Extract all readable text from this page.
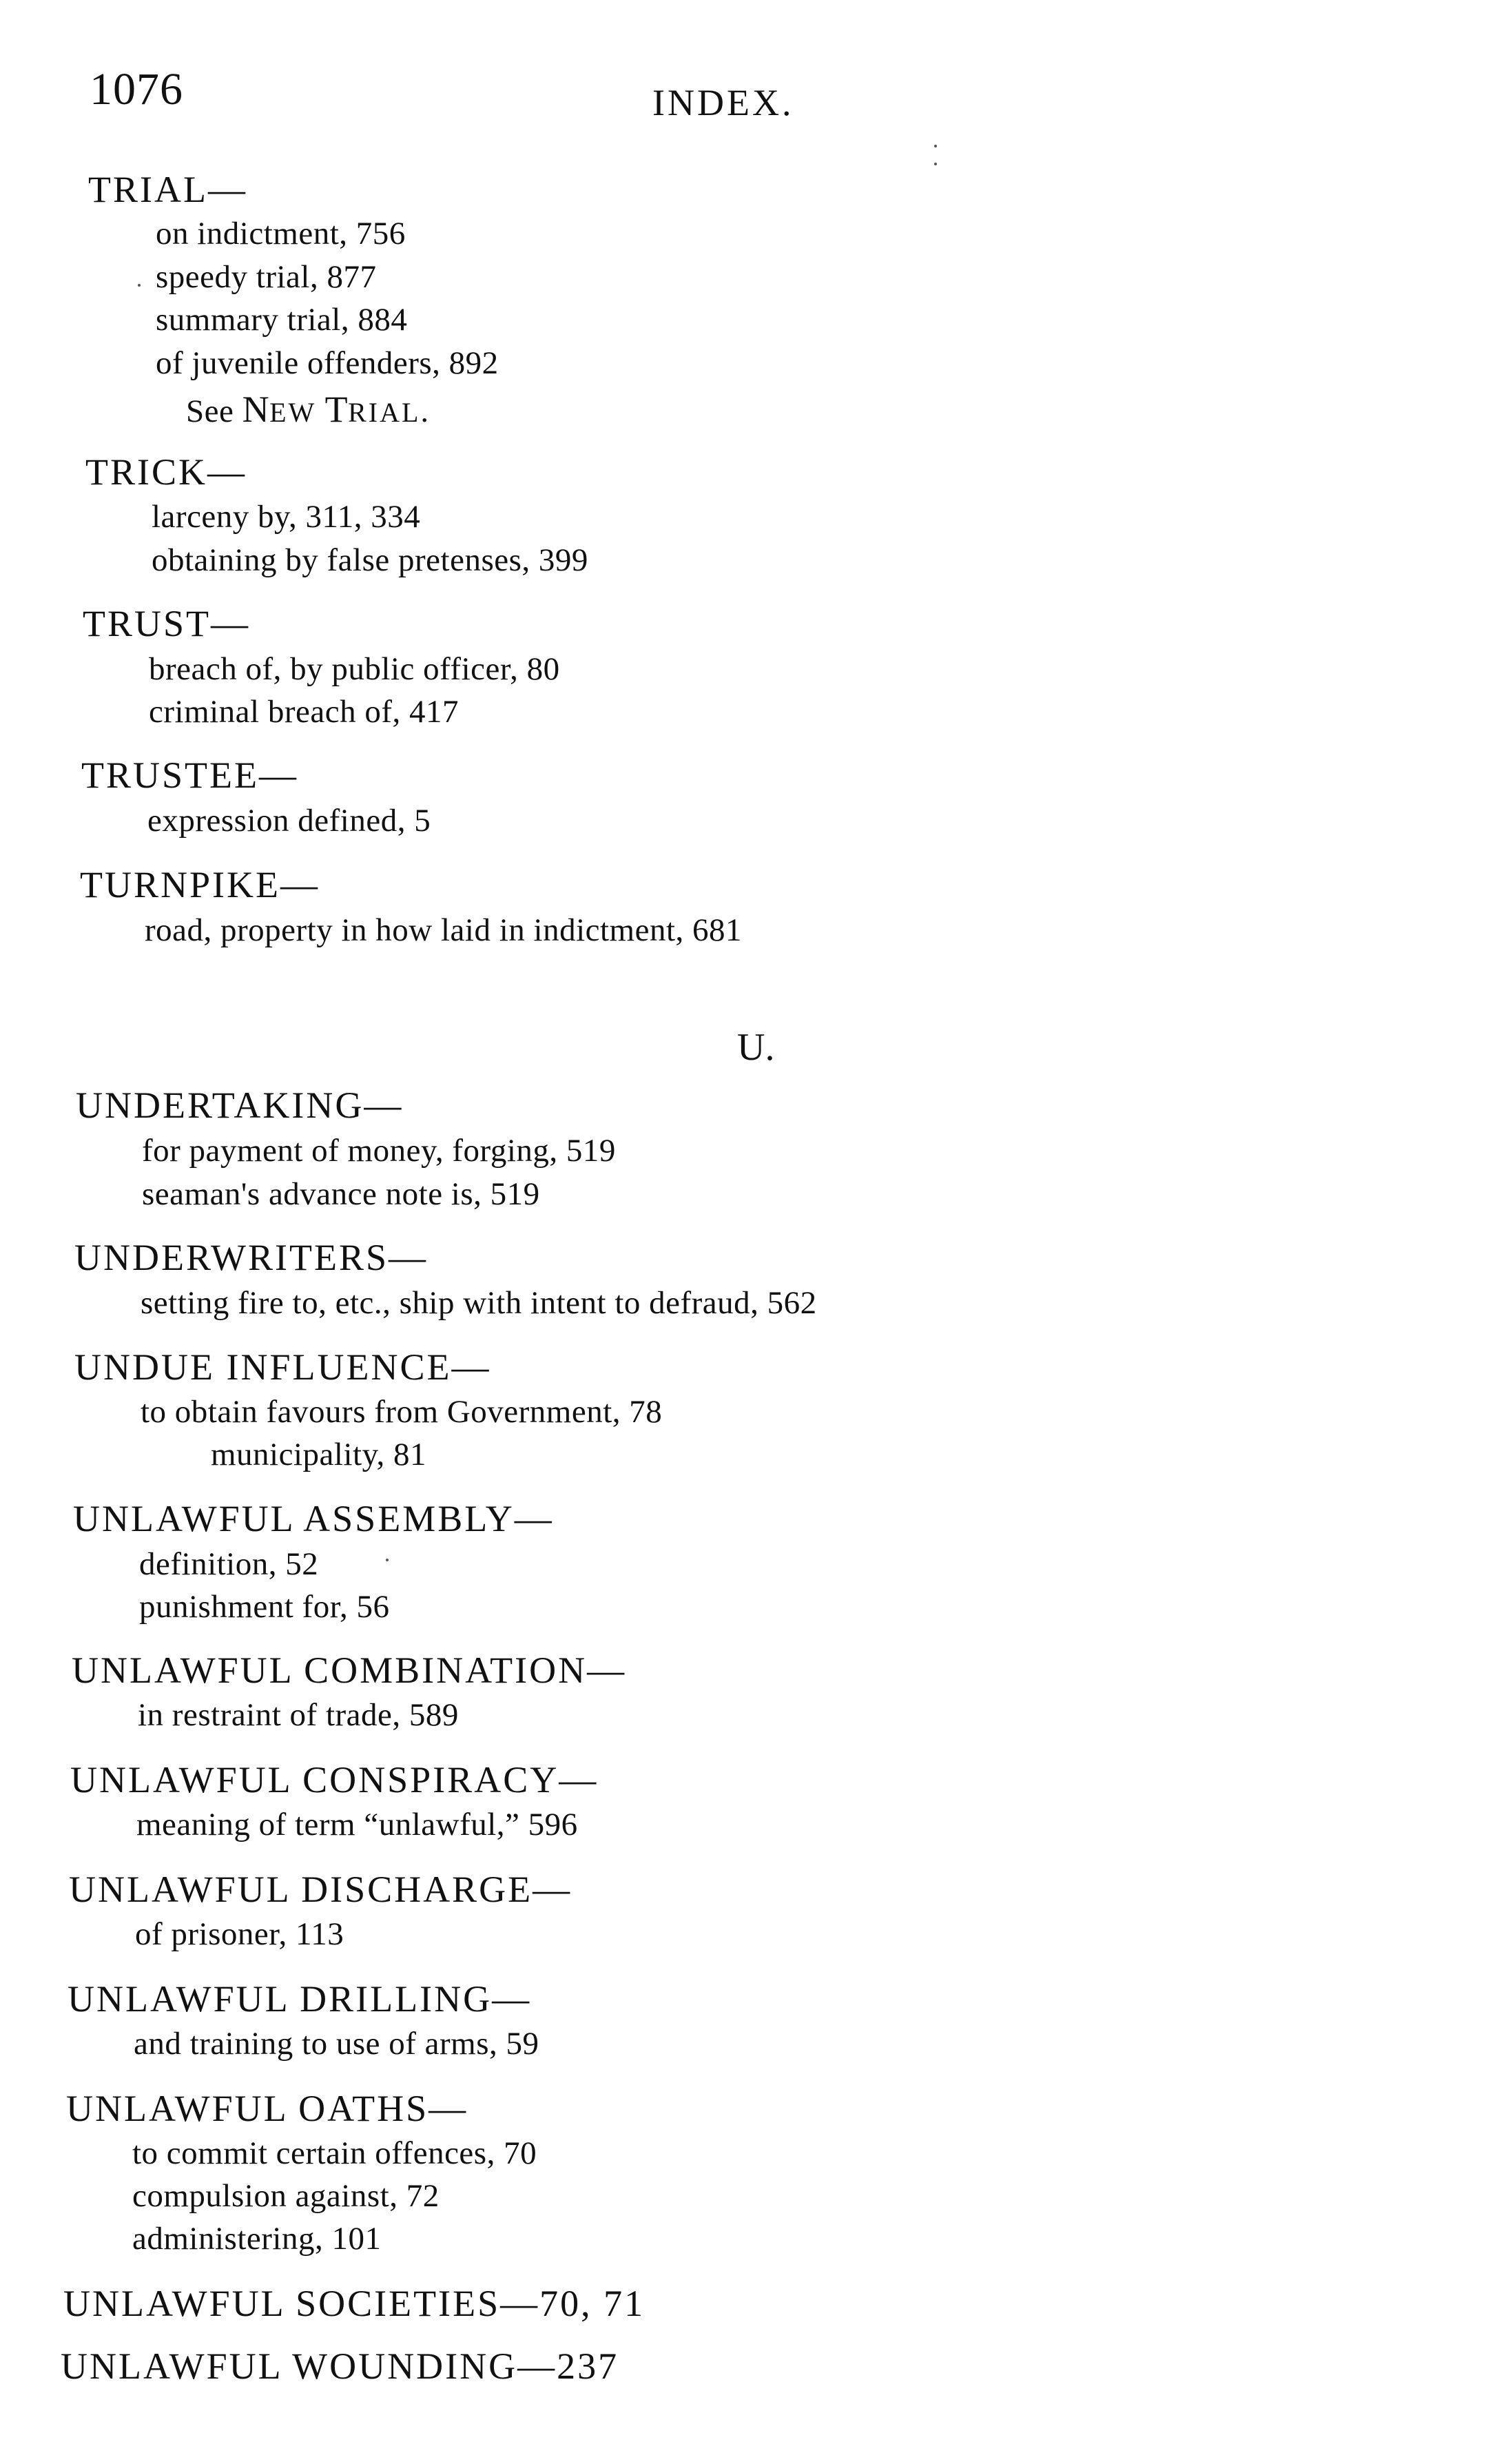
1076	INDEX.
TRIAL—
on indictment, 756
speedy trial, 877
summary trial, 884
of juvenile offenders, 892
See NEW TRIAL.
TRICK—
larceny by, 311, 334
obtaining by false pretenses, 399
TRUST—
breach of, by public officer, 80
criminal breach of, 417
TRUSTEE—
expression defined, 5
TURNPIKE—
road, property in how laid in indictment, 681
U.
UNDERTAKING—
for payment of money, forging, 519
seaman's advance note is, 519
UNDERWRITERS—
setting fire to, etc., ship with intent to defraud, 562
UNDUE INFLUENCE—
to obtain favours from Government, 78
municipality, 81
UNLAWFUL ASSEMBLY—
definition, 52
punishment for, 56
UNLAWFUL COMBINATION—
in restraint of trade, 589
UNLAWFUL CONSPIRACY—
meaning of term “unlawful,” 596
UNLAWFUL DISCHARGE—
of prisoner, 113
UNLAWFUL DRILLING—
and training to use of arms, 59
UNLAWFUL OATHS—
to commit certain offences, 70
compulsion against, 72
administering, 101
UNLAWFUL SOCIETIES—70, 71
UNLAWFUL WOUNDING—237
